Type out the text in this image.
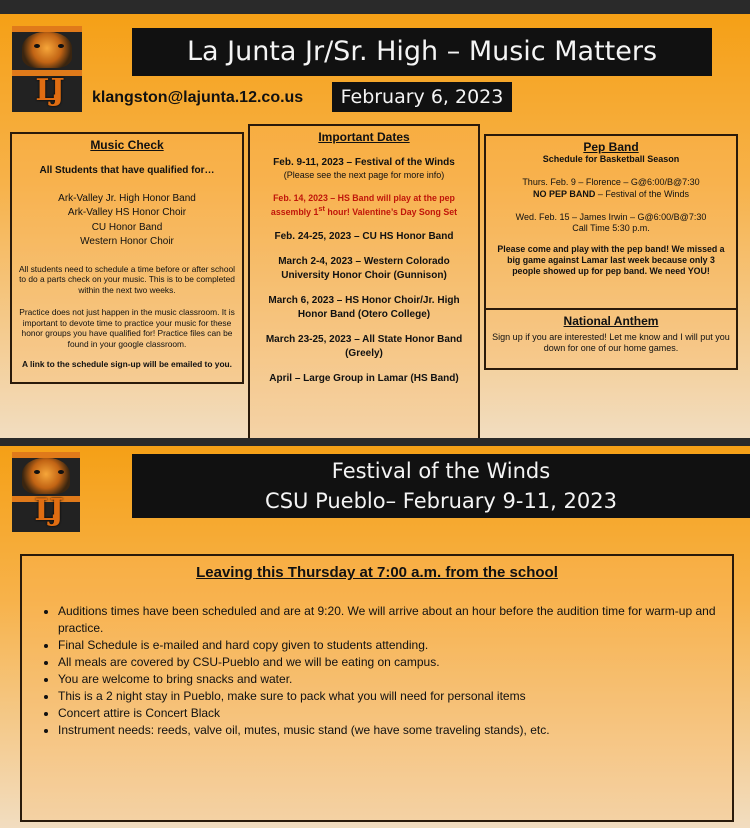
LJ
La Junta Jr/Sr. High – Music Matters
klangston@lajunta.12.co.us	February 6, 2023
Music Check

All Students that have qualified for…

Ark-Valley Jr. High Honor Band
Ark-Valley HS Honor Choir
CU Honor Band
Western Honor Choir

All students need to schedule a time before or after school to do a parts check on your music. This is to be completed within the next two weeks.

Practice does not just happen in the music classroom. It is important to devote time to practice your music for these honor groups you have qualified for! Practice files can be found in your google classroom.

A link to the schedule sign-up will be emailed to you.

Important Dates

Feb. 9-11, 2023 – Festival of the Winds

(Please see the next page for more info)

Feb. 14, 2023 – HS Band will play at the pep assembly 1st hour! Valentine’s Day Song Set

Feb. 24-25, 2023 – CU HS Honor Band

March 2-4, 2023 – Western Colorado University Honor Choir (Gunnison)

March 6, 2023 – HS Honor Choir/Jr. High Honor Band (Otero College)

March 23-25, 2023 – All State Honor Band (Greely)

April – Large Group in Lamar (HS Band)

Pep Band

Schedule for Basketball Season

Thurs. Feb. 9 – Florence – G@6:00/B@7:30

NO PEP BAND – Festival of the Winds

Wed. Feb. 15 – James Irwin – G@6:00/B@7:30

Call Time 5:30 p.m.

Please come and play with the pep band! We missed a big game against Lamar last week because only 3 people showed up for pep band. We need YOU!

National Anthem

Sign up if you are interested! Let me know and I will put you down for one of our home games.

LJ
Festival of the Winds
CSU Pueblo– February 9-11, 2023
Leaving this Thursday at 7:00 a.m. from the school
• Auditions times have been scheduled and are at 9:20. We will arrive about an hour before the audition time for warm-up and practice.
• Final Schedule is e-mailed and hard copy given to students attending.
• All meals are covered by CSU-Pueblo and we will be eating on campus.
• You are welcome to bring snacks and water.
• This is a 2 night stay in Pueblo, make sure to pack what you will need for personal items
• Concert attire is Concert Black
• Instrument needs: reeds, valve oil, mutes, music stand (we have some traveling stands), etc.
